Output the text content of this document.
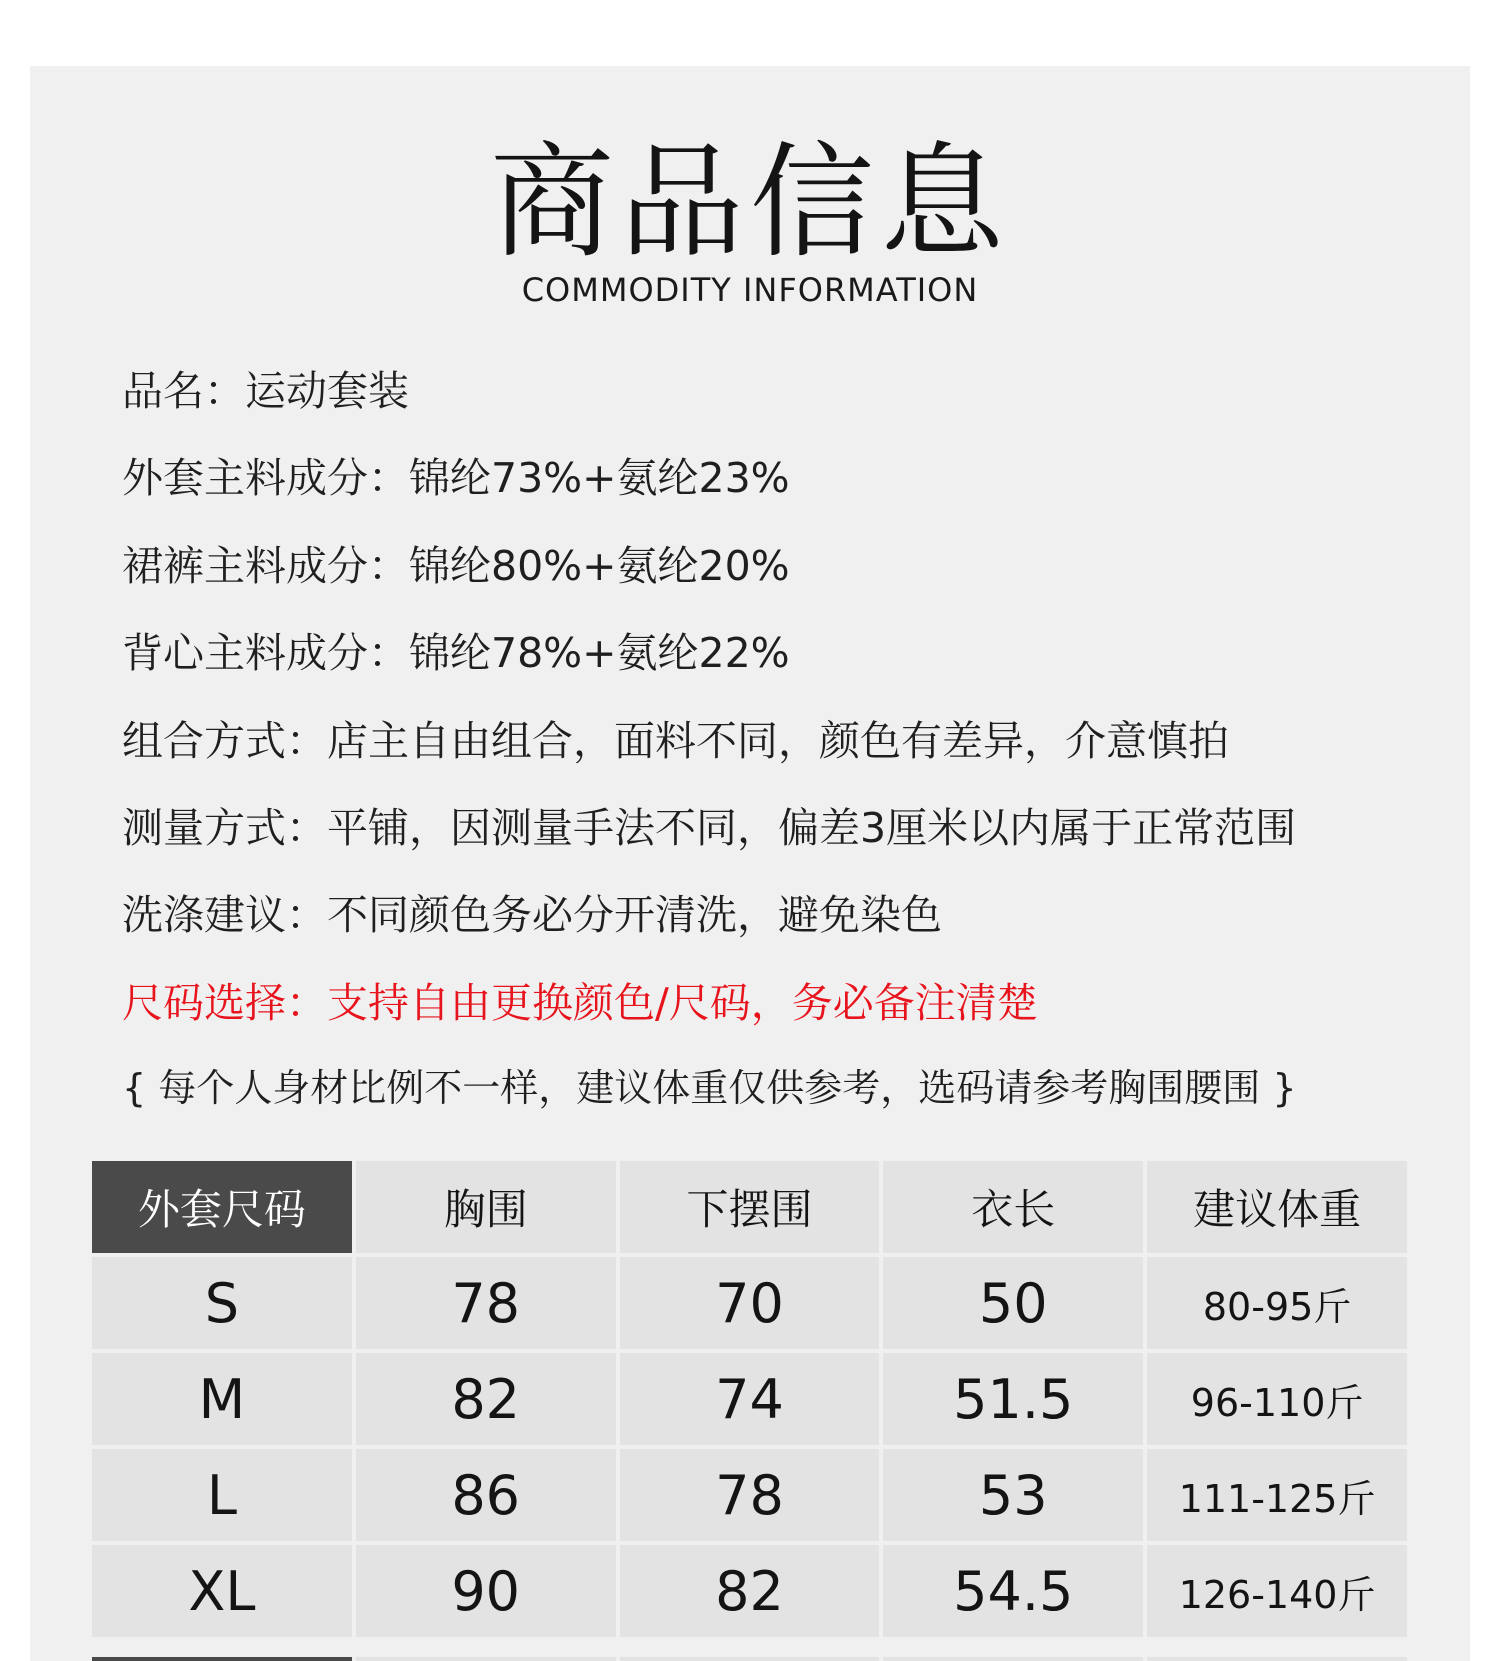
商品信息
COMMODITY INFORMATION
品名：运动套装
外套主料成分：锦纶73%+氨纶23%
裙裤主料成分：锦纶80%+氨纶20%
背心主料成分：锦纶78%+氨纶22%
组合方式：店主自由组合，面料不同，颜色有差异，介意慎拍
测量方式：平铺，因测量手法不同，偏差3厘米以内属于正常范围
洗涤建议：不同颜色务必分开清洗，避免染色
尺码选择：支持自由更换颜色/尺码，务必备注清楚
{ 每个人身材比例不一样，建议体重仅供参考，选码请参考胸围腰围 }
外套尺码	胸围	下摆围	衣长	建议体重
S	78	70	50	80-95斤
M	82	74	51.5	96-110斤
L	86	78	53	111-125斤
XL	90	82	54.5	126-140斤
